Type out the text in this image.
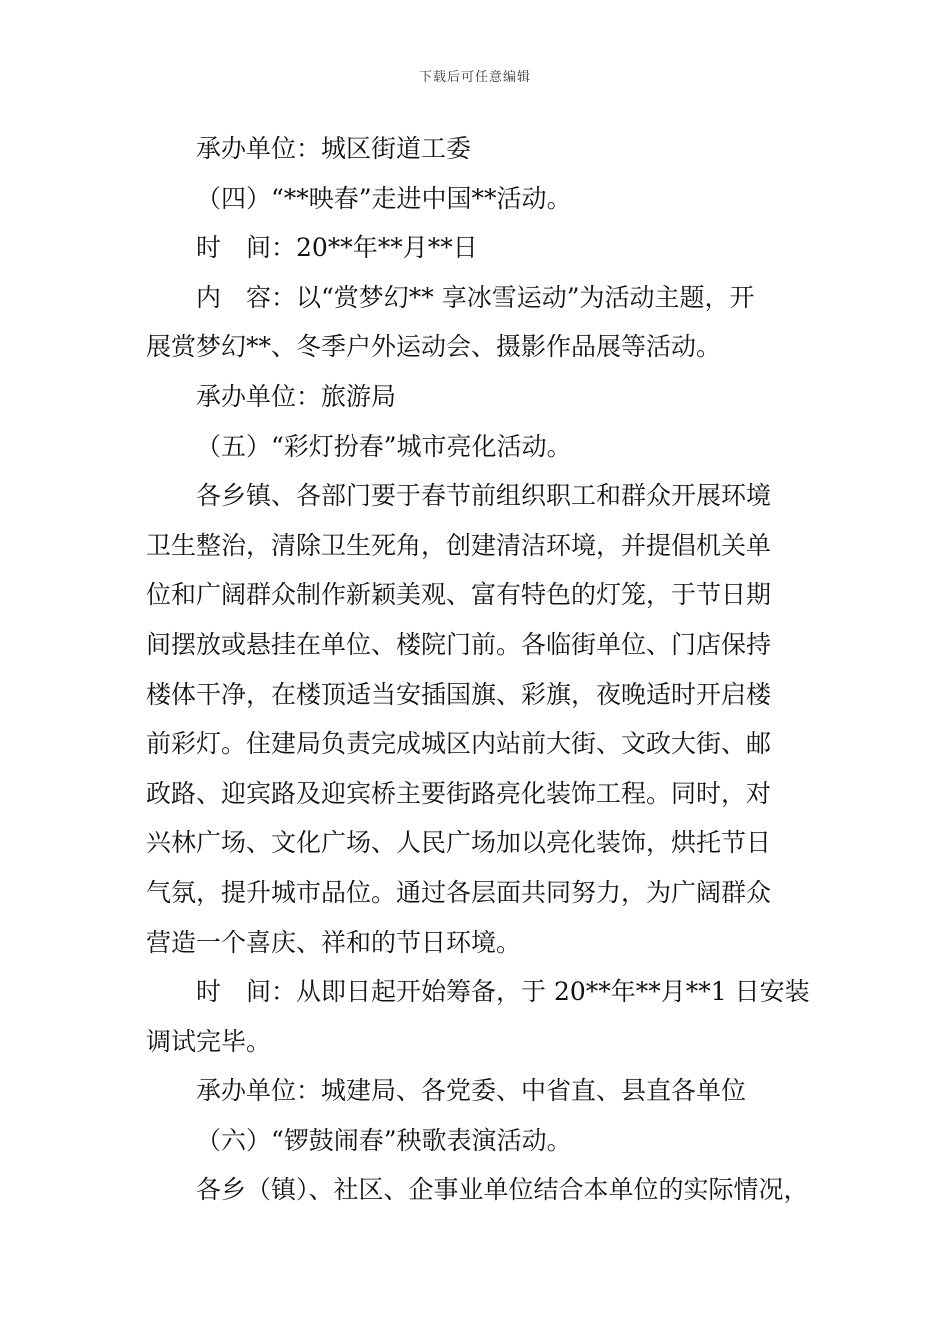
下载后可任意编辑
承办单位：城区街道工委
（四）“**映春”走进中国**活动。
时　间：20**年**月**日
内　容：以“赏梦幻** 享冰雪运动”为活动主题，开
展赏梦幻**、冬季户外运动会、摄影作品展等活动。
承办单位：旅游局
（五）“彩灯扮春”城市亮化活动。
各乡镇、各部门要于春节前组织职工和群众开展环境
卫生整治，清除卫生死角，创建清洁环境，并提倡机关单
位和广阔群众制作新颖美观、富有特色的灯笼，于节日期
间摆放或悬挂在单位、楼院门前。各临街单位、门店保持
楼体干净，在楼顶适当安插国旗、彩旗，夜晚适时开启楼
前彩灯。住建局负责完成城区内站前大街、文政大街、邮
政路、迎宾路及迎宾桥主要街路亮化装饰工程。同时，对
兴林广场、文化广场、人民广场加以亮化装饰，烘托节日
气氛，提升城市品位。通过各层面共同努力，为广阔群众
营造一个喜庆、祥和的节日环境。
时　间：从即日起开始筹备，于 20**年**月**1 日安装
调试完毕。
承办单位：城建局、各党委、中省直、县直各单位
（六）“锣鼓闹春”秧歌表演活动。
各乡（镇）、社区、企事业单位结合本单位的实际情况，
